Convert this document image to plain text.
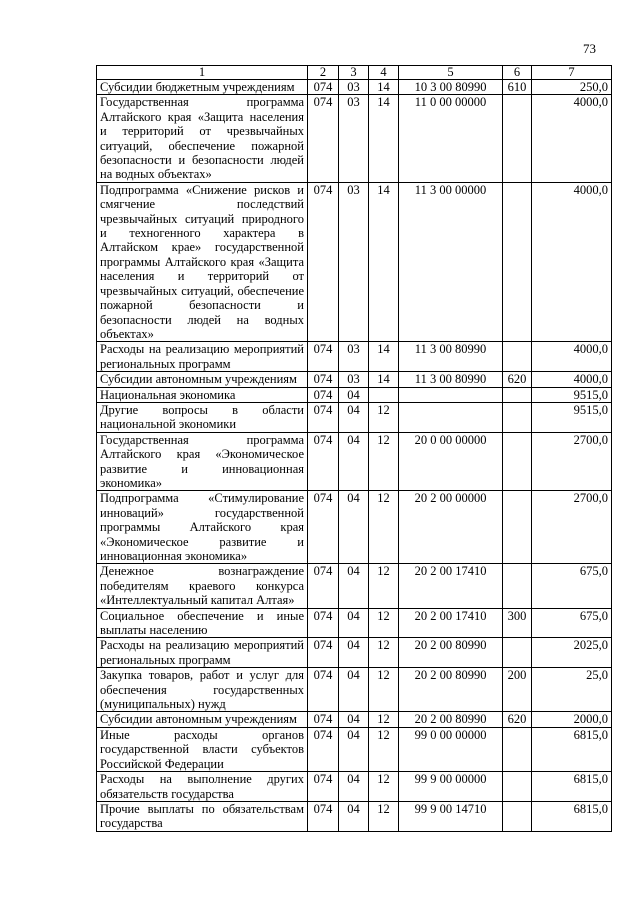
73
1	2	3	4	5	6	7
Субсидии бюджетным учреждениям	074	03	14	10 3 00 80990	610	250,0
Государственная программа Алтайского края «Защита населения и территорий от чрезвычайных ситуаций, обеспечение пожарной безопасности и безопасности людей на водных объектах»	074	03	14	11 0 00 00000		4000,0
Подпрограмма «Снижение рисков и смягчение последствий чрезвычайных ситуаций природного и техногенного характера в Алтайском крае» государственной программы Алтайского края «Защита населения и территорий от чрезвычайных ситуаций, обеспечение пожарной безопасности и безопасности людей на водных объектах»	074	03	14	11 3 00 00000		4000,0
Расходы на реализацию мероприятий региональных программ	074	03	14	11 3 00 80990		4000,0
Субсидии автономным учреждениям	074	03	14	11 3 00 80990	620	4000,0
Национальная экономика	074	04				9515,0
Другие вопросы в области национальной экономики	074	04	12			9515,0
Государственная программа Алтайского края «Экономическое развитие и инновационная экономика»	074	04	12	20 0 00 00000		2700,0
Подпрограмма «Стимулирование инноваций» государственной программы Алтайского края «Экономическое развитие и инновационная экономика»	074	04	12	20 2 00 00000		2700,0
Денежное вознаграждение победителям краевого конкурса «Интеллектуальный капитал Алтая»	074	04	12	20 2 00 17410		675,0
Социальное обеспечение и иные выплаты населению	074	04	12	20 2 00 17410	300	675,0
Расходы на реализацию мероприятий региональных программ	074	04	12	20 2 00 80990		2025,0
Закупка товаров, работ и услуг для обеспечения государственных (муниципальных) нужд	074	04	12	20 2 00 80990	200	25,0
Субсидии автономным учреждениям	074	04	12	20 2 00 80990	620	2000,0
Иные расходы органов государственной власти субъектов Российской Федерации	074	04	12	99 0 00 00000		6815,0
Расходы на выполнение других обязательств государства	074	04	12	99 9 00 00000		6815,0
Прочие выплаты по обязательствам государства	074	04	12	99 9 00 14710		6815,0
